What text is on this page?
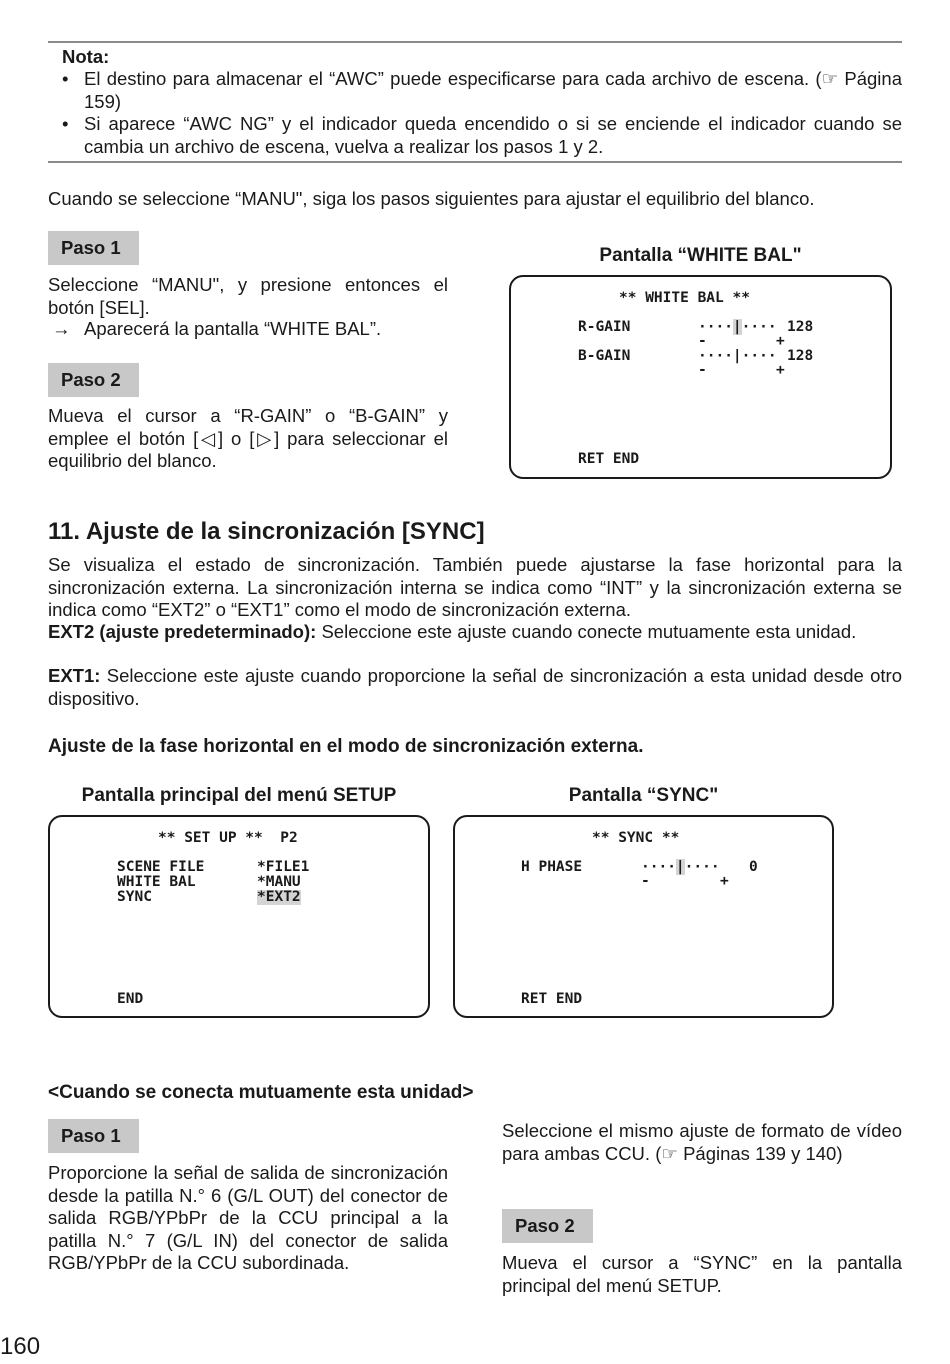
Nota:
• El destino para almacenar el “AWC” puede especificarse para cada archivo de escena. (☞ Página 159)
• Si aparece “AWC NG” y el indicador queda encendido o si se enciende el indicador cuando se cambia un archivo de escena, vuelva a realizar los pasos 1 y 2.
Cuando se seleccione “MANU", siga los pasos siguientes para ajustar el equilibrio del blanco.
Paso 1
Seleccione “MANU", y presione entonces el botón [SEL].
→ Aparecerá la pantalla “WHITE BAL”.
Paso 2
Mueva el cursor a “R-GAIN” o “B-GAIN” y emplee el botón [◁] o [▷] para seleccionar el equilibrio del blanco.
Pantalla “WHITE BAL"
** WHITE BAL **
R-GAIN	····|···· 128
-	+
B-GAIN	····|···· 128
-	+
RET END
11. Ajuste de la sincronización [SYNC]
Se visualiza el estado de sincronización. También puede ajustarse la fase horizontal para la sincronización externa. La sincronización interna se indica como “INT” y la sincronización externa se indica como “EXT2” o “EXT1” como el modo de sincronización externa.
EXT2 (ajuste predeterminado): Seleccione este ajuste cuando conecte mutuamente esta unidad.
EXT1: Seleccione este ajuste cuando proporcione la señal de sincronización a esta unidad desde otro dispositivo.
Ajuste de la fase horizontal en el modo de sincronización externa.
Pantalla principal del menú SETUP
** SET UP **  P2
SCENE FILE	*FILE1
WHITE BAL	*MANU
SYNC	*EXT2
END
Pantalla “SYNC"
** SYNC **
H PHASE	····|···· 0
-	+
RET END
<Cuando se conecta mutuamente esta unidad>
Paso 1
Proporcione la señal de salida de sincronización desde la patilla N.° 6 (G/L OUT) del conector de salida RGB/YPbPr de la CCU principal a la patilla N.° 7 (G/L IN) del conector de salida RGB/YPbPr de la CCU subordinada.
Seleccione el mismo ajuste de formato de vídeo para ambas CCU. (☞ Páginas 139 y 140)
Paso 2
Mueva el cursor a “SYNC” en la pantalla principal del menú SETUP.
160
